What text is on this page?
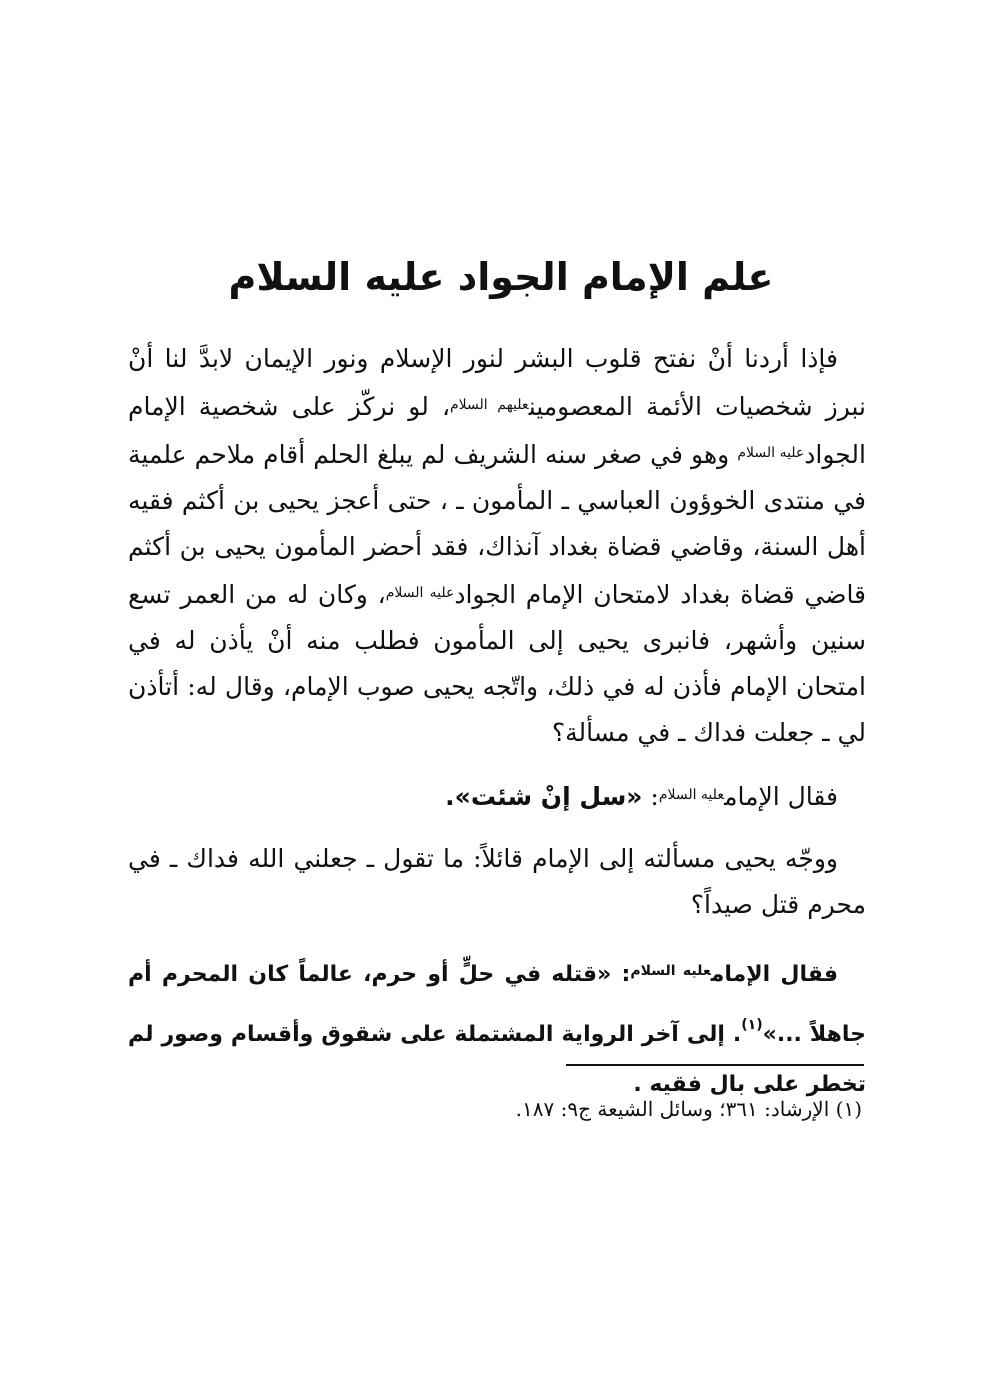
علم الإمام الجواد عليه السلام

فإذا أردنا أنْ نفتح قلوب البشر لنور الإسلام ونور الإيمان لابدَّ لنا أنْ نبرز شخصيات الأئمة المعصومين$^{عليهم السلام}$، لو نركّز على شخصية الإمام الجواد$^{عليه السلام}$ وهو في صغر سنه الشريف لم يبلغ الحلم أقام ملاحم علمية في منتدى الخوؤون العباسي ـ المأمون ـ ، حتى أعجز يحيى بن أكثم فقيه أهل السنة، وقاضي قضاة بغداد آنذاك، فقد أحضر المأمون يحيى بن أكثم قاضي قضاة بغداد لامتحان الإمام الجواد$^{عليه السلام}$، وكان له من العمر تسع سنين وأشهر، فانبرى يحيى إلى المأمون فطلب منه أنْ يأذن له في امتحان الإمام فأذن له في ذلك، واتّجه يحيى صوب الإمام، وقال له: أتأذن لي ـ جعلت فداك ـ في مسألة؟

فقال الإمام$^{عليه السلام}$: «سل إنْ شئت».

ووجّه يحيى مسألته إلى الإمام قائلاً: ما تقول ـ جعلني الله فداك ـ في محرم قتل صيداً؟

فقال الإمام$^{عليه السلام}$: «قتله في حلٍّ أو حرم، عالماً كان المحرم أم جاهلاً ...»$^{(١)}$. إلى آخر الرواية المشتملة على شقوق وأقسام وصور لم تخطر على بال فقيه .

(١) الإرشاد: ٣٦١؛ وسائل الشيعة ج٩: ١٨٧.
